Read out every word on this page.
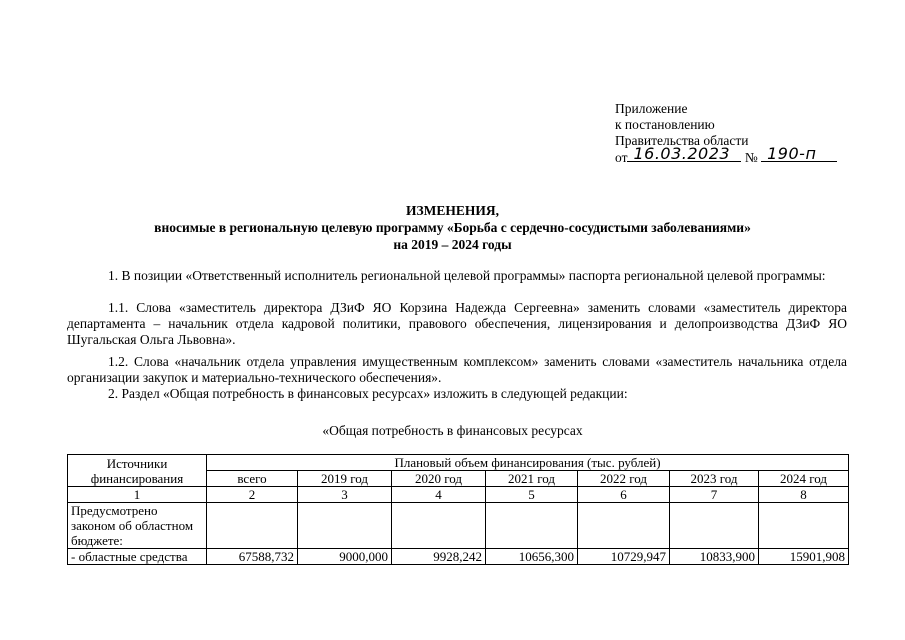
Приложение
к постановлению
Правительства области
от 16.03.2023 № 190-п
ИЗМЕНЕНИЯ,
вносимые в региональную целевую программу «Борьба с сердечно-сосудистыми заболеваниями»
на 2019 – 2024 годы
1. В позиции «Ответственный исполнитель региональной целевой программы» паспорта региональной целевой программы:
1.1. Слова «заместитель директора ДЗиФ ЯО Корзина Надежда Сергеевна» заменить словами «заместитель директора департамента – начальник отдела кадровой политики, правового обеспечения, лицензирования и делопроизводства ДЗиФ ЯО Шугальская Ольга Львовна».
1.2. Слова «начальник отдела управления имущественным комплексом» заменить словами «заместитель начальника отдела организации закупок и материально-технического обеспечения».
2. Раздел «Общая потребность в финансовых ресурсах» изложить в следующей редакции:
«Общая потребность в финансовых ресурсах
Источники финансирования	Плановый объем финансирования (тыс. рублей)						
	всего	2019 год	2020 год	2021 год	2022 год	2023 год	2024 год
1	2	3	4	5	6	7	8
Предусмотрено законом об областном бюджете:							
- областные средства	67588,732	9000,000	9928,242	10656,300	10729,947	10833,900	15901,908
